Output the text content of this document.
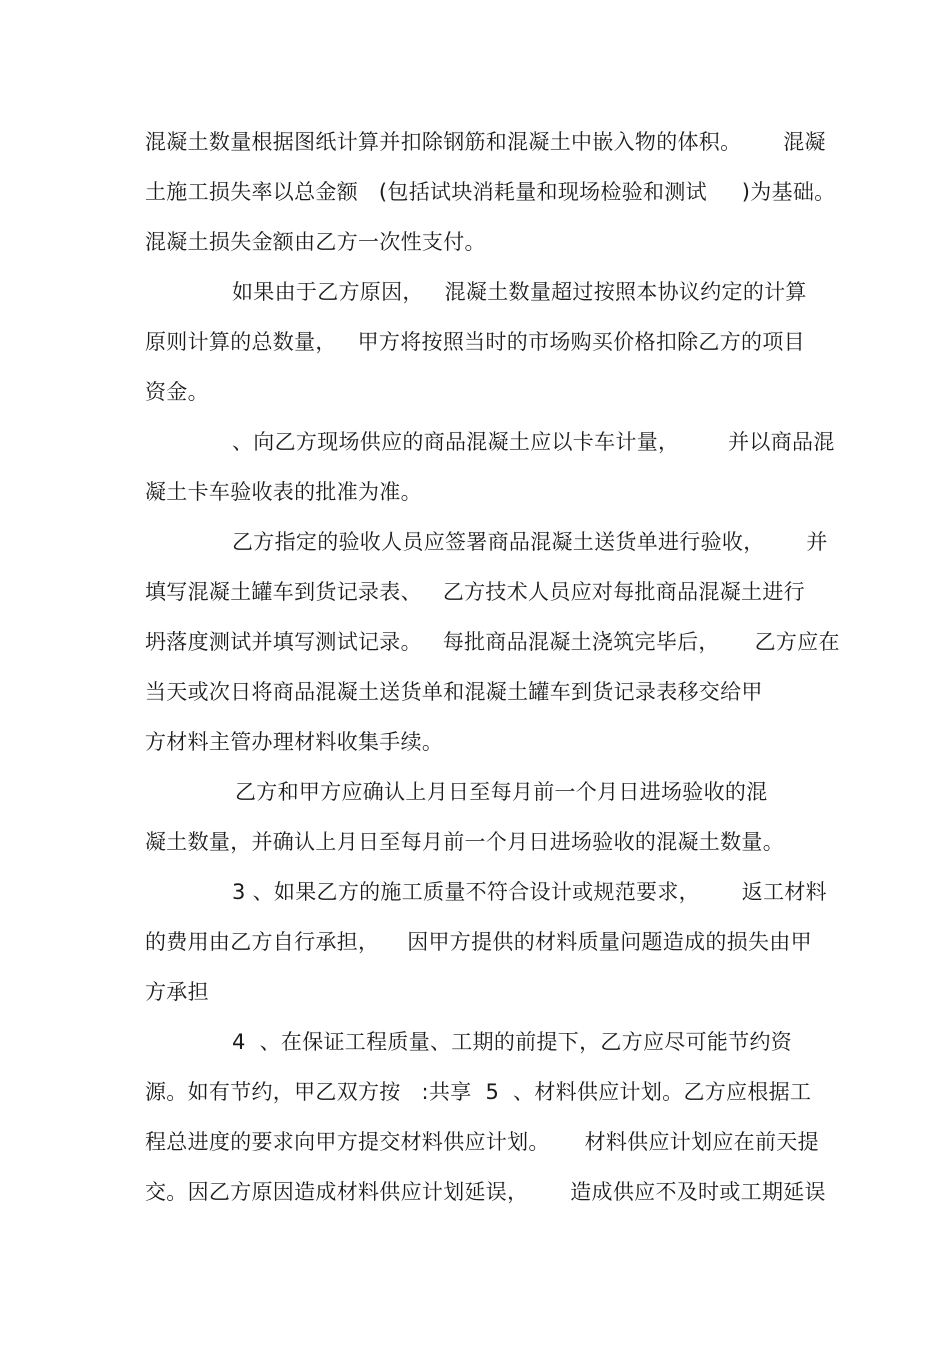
混凝土数量根据图纸计算并扣除钢筋和混凝土中嵌入物的体积。      混凝
土施工损失率以总金额   (包括试块消耗量和现场检验和测试     )为基础。
混凝土损失金额由乙方一次性支付。
如果由于乙方原因，   混凝土数量超过按照本协议约定的计算
原则计算的总数量，   甲方将按照当时的市场购买价格扣除乙方的项目
资金。
、向乙方现场供应的商品混凝土应以卡车计量，       并以商品混
凝土卡车验收表的批准为准。
乙方指定的验收人员应签署商品混凝土送货单进行验收，      并
填写混凝土罐车到货记录表、   乙方技术人员应对每批商品混凝土进行
坍落度测试并填写测试记录。   每批商品混凝土浇筑完毕后，     乙方应在
当天或次日将商品混凝土送货单和混凝土罐车到货记录表移交给甲
方材料主管办理材料收集手续。
乙方和甲方应确认上月日至每月前一个月日进场验收的混
凝土数量，并确认上月日至每月前一个月日进场验收的混凝土数量。
3 、如果乙方的施工质量不符合设计或规范要求，      返工材料
的费用由乙方自行承担，    因甲方提供的材料质量问题造成的损失由甲
方承担
4  、在保证工程质量、工期的前提下，乙方应尽可能节约资
源。如有节约，甲乙双方按   :共享  5  、材料供应计划。乙方应根据工
程总进度的要求向甲方提交材料供应计划。     材料供应计划应在前天提
交。因乙方原因造成材料供应计划延误，      造成供应不及时或工期延误
